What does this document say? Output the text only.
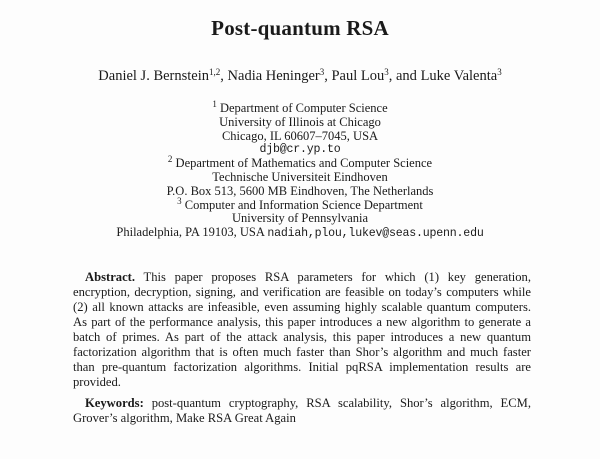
Post-quantum RSA
Daniel J. Bernstein$^{1,2}$, Nadia Heninger$^3$, Paul Lou$^3$, and Luke Valenta$^3$
$^1$ Department of Computer Science
University of Illinois at Chicago
Chicago, IL 60607–7045, USA
djb@cr.yp.to
$^2$ Department of Mathematics and Computer Science
Technische Universiteit Eindhoven
P.O. Box 513, 5600 MB Eindhoven, The Netherlands
$^3$ Computer and Information Science Department
University of Pennsylvania
Philadelphia, PA 19103, USA nadiah,plou,lukev@seas.upenn.edu

Abstract. This paper proposes RSA parameters for which (1) key generation, encryption, decryption, signing, and verification are feasible on today’s computers while (2) all known attacks are infeasible, even assuming highly scalable quantum computers. As part of the performance analysis, this paper introduces a new algorithm to generate a batch of primes. As part of the attack analysis, this paper introduces a new quantum factorization algorithm that is often much faster than Shor’s algorithm and much faster than pre-quantum factorization algorithms. Initial pqRSA implementation results are provided.

Keywords: post-quantum cryptography, RSA scalability, Shor’s algorithm, ECM, Grover’s algorithm, Make RSA Great Again
